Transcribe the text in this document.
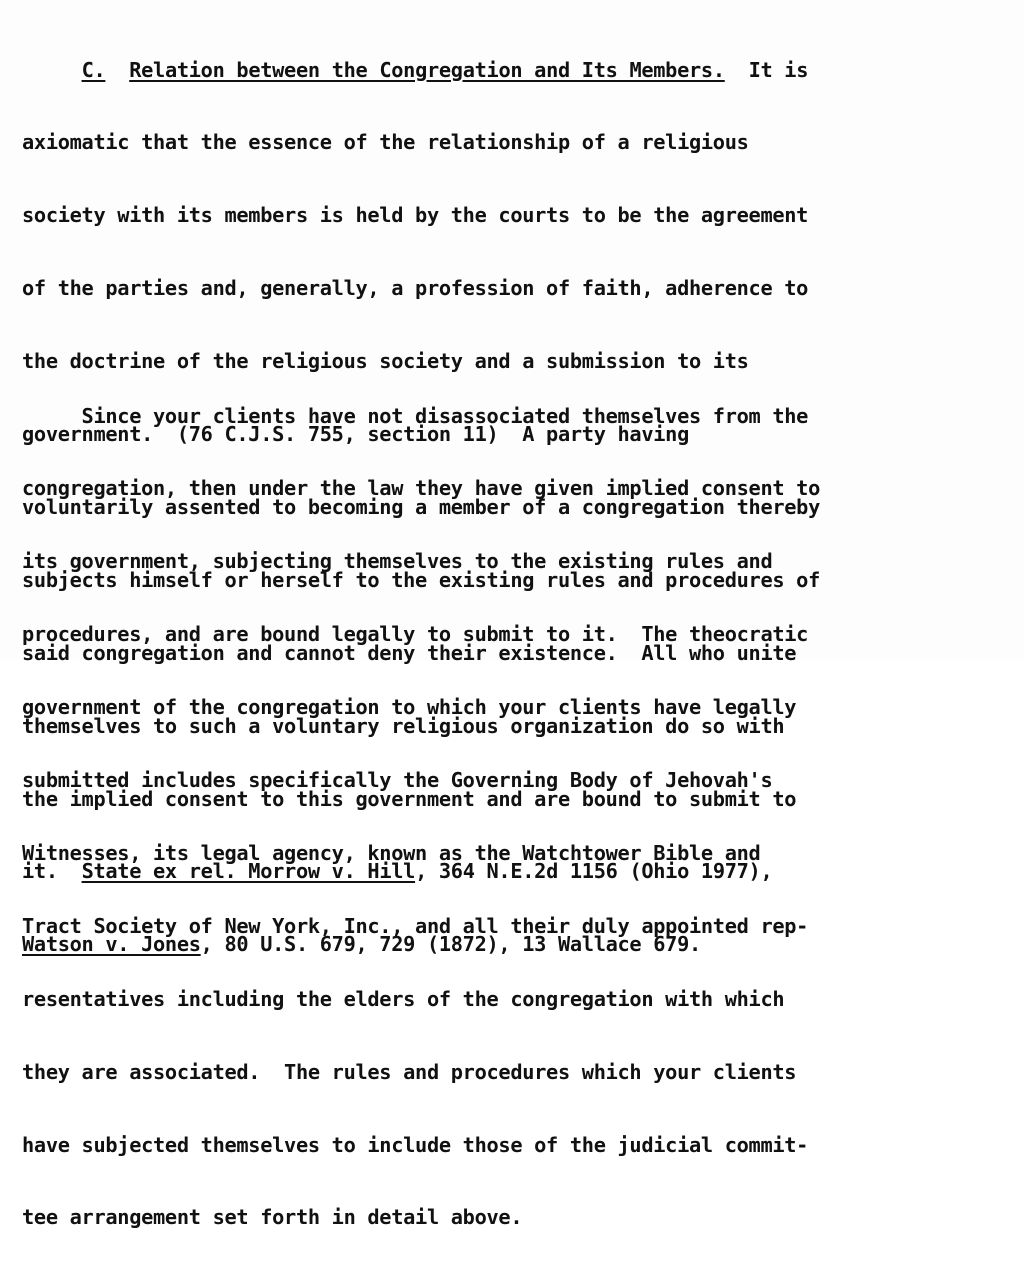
C. Relation between the Congregation and Its Members. It is

axiomatic that the essence of the relationship of a religious

society with its members is held by the courts to be the agreement

of the parties and, generally, a profession of faith, adherence to

the doctrine of the religious society and a submission to its

government.  (76 C.J.S. 755, section 11)  A party having

voluntarily assented to becoming a member of a congregation thereby

subjects himself or herself to the existing rules and procedures of

said congregation and cannot deny their existence.  All who unite

themselves to such a voluntary religious organization do so with

the implied consent to this government and are bound to submit to

it. State ex rel. Morrow v. Hill, 364 N.E.2d 1156 (Ohio 1977),

Watson v. Jones, 80 U.S. 679, 729 (1872), 13 Wallace 679.

Since your clients have not disassociated themselves from the

congregation, then under the law they have given implied consent to

its government, subjecting themselves to the existing rules and

procedures, and are bound legally to submit to it.  The theocratic

government of the congregation to which your clients have legally

submitted includes specifically the Governing Body of Jehovah's

Witnesses, its legal agency, known as the Watchtower Bible and

Tract Society of New York, Inc., and all their duly appointed rep-

resentatives including the elders of the congregation with which

they are associated.  The rules and procedures which your clients

have subjected themselves to include those of the judicial commit-

tee arrangement set forth in detail above.
